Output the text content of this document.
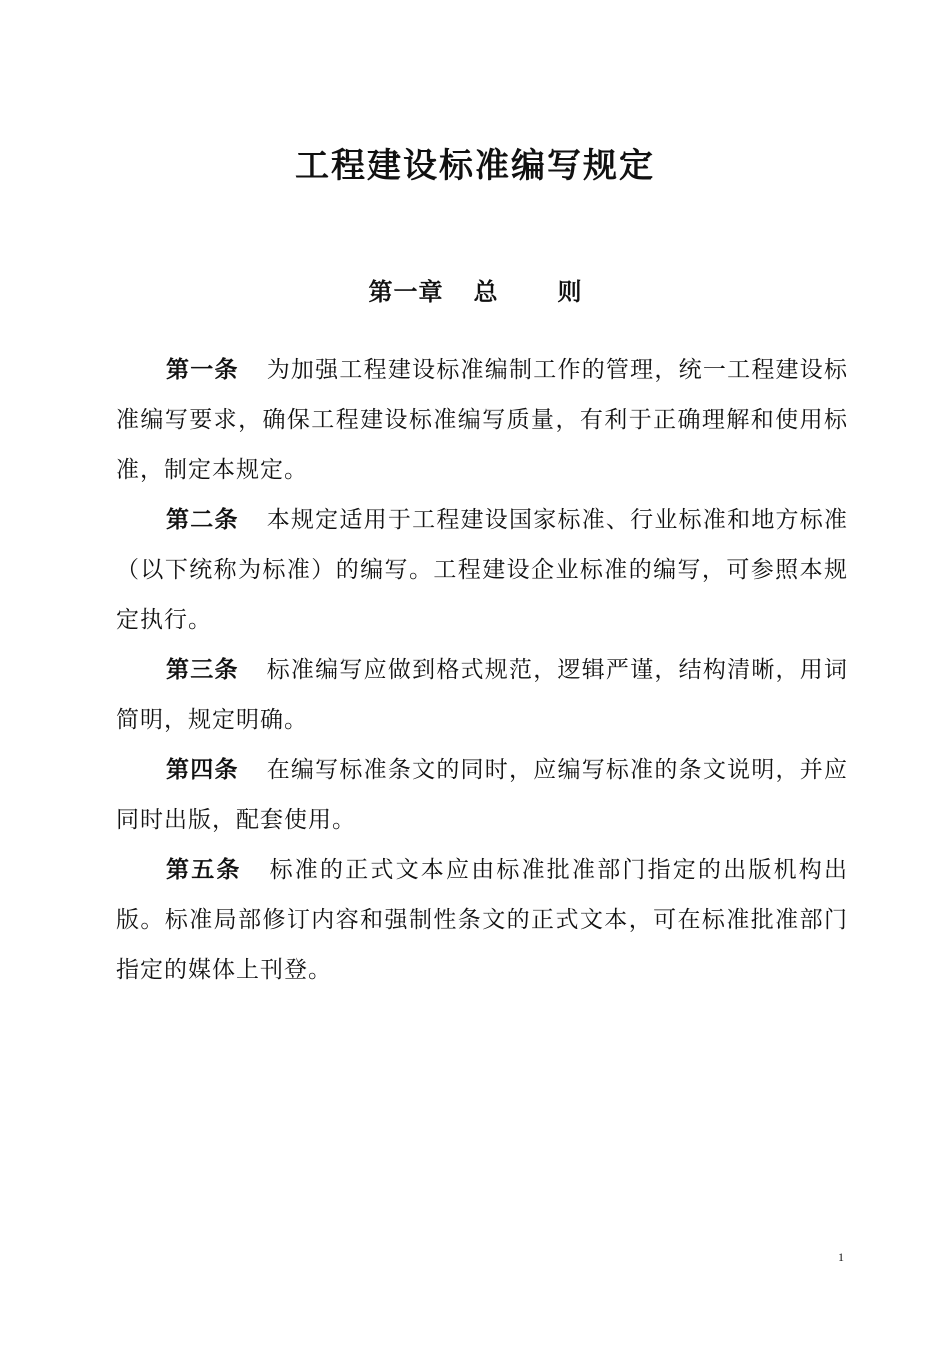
工程建设标准编写规定
第一章 总	则

第一条 为加强工程建设标准编制工作的管理，统一工程建设标准编写要求，确保工程建设标准编写质量，有利于正确理解和使用标准，制定本规定。

第二条 本规定适用于工程建设国家标准、行业标准和地方标准（以下统称为标准）的编写。工程建设企业标准的编写，可参照本规定执行。

第三条 标准编写应做到格式规范，逻辑严谨，结构清晰，用词简明，规定明确。

第四条 在编写标准条文的同时，应编写标准的条文说明，并应同时出版，配套使用。

第五条 标准的正式文本应由标准批准部门指定的出版机构出版。标准局部修订内容和强制性条文的正式文本，可在标准批准部门指定的媒体上刊登。

1
